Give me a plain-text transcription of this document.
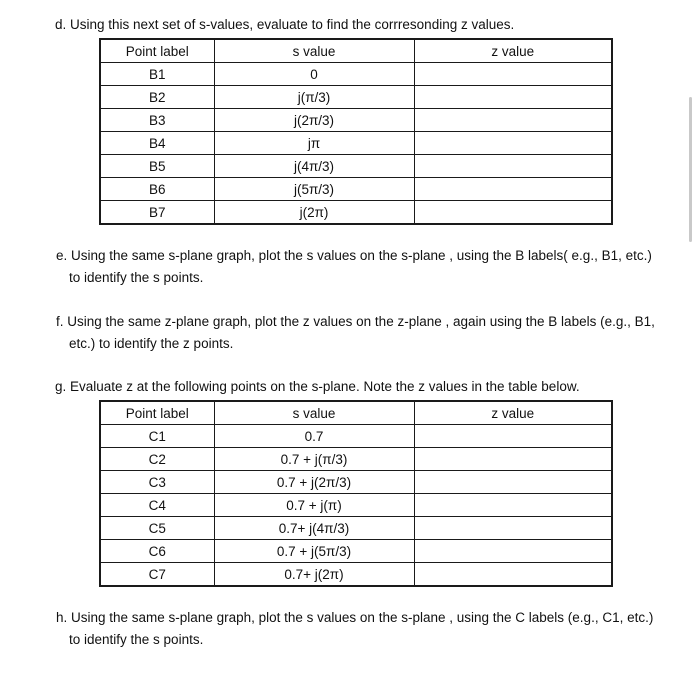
d. Using this next set of s-values, evaluate to find the corrresonding z values.

Point label	s value	z value
B1	0	
B2	j(π/3)	
B3	j(2π/3)	
B4	jπ	
B5	j(4π/3)	
B6	j(5π/3)	
B7	j(2π)	

e. Using the same s-plane graph, plot the s values on the s-plane , using the B labels( e.g., B1, etc.) to identify the s points.

f. Using the same z-plane graph, plot the z values on the z-plane , again using the B labels (e.g., B1, etc.) to identify the z points.

g. Evaluate z at the following points on the s-plane. Note the z values in the table below.

Point label	s value	z value
C1	0.7	
C2	0.7 + j(π/3)	
C3	0.7 + j(2π/3)	
C4	0.7 + j(π)	
C5	0.7+ j(4π/3)	
C6	0.7 + j(5π/3)	
C7	0.7+ j(2π)	

h. Using the same s-plane graph, plot the s values on the s-plane , using the C labels (e.g., C1, etc.) to identify the s points.
